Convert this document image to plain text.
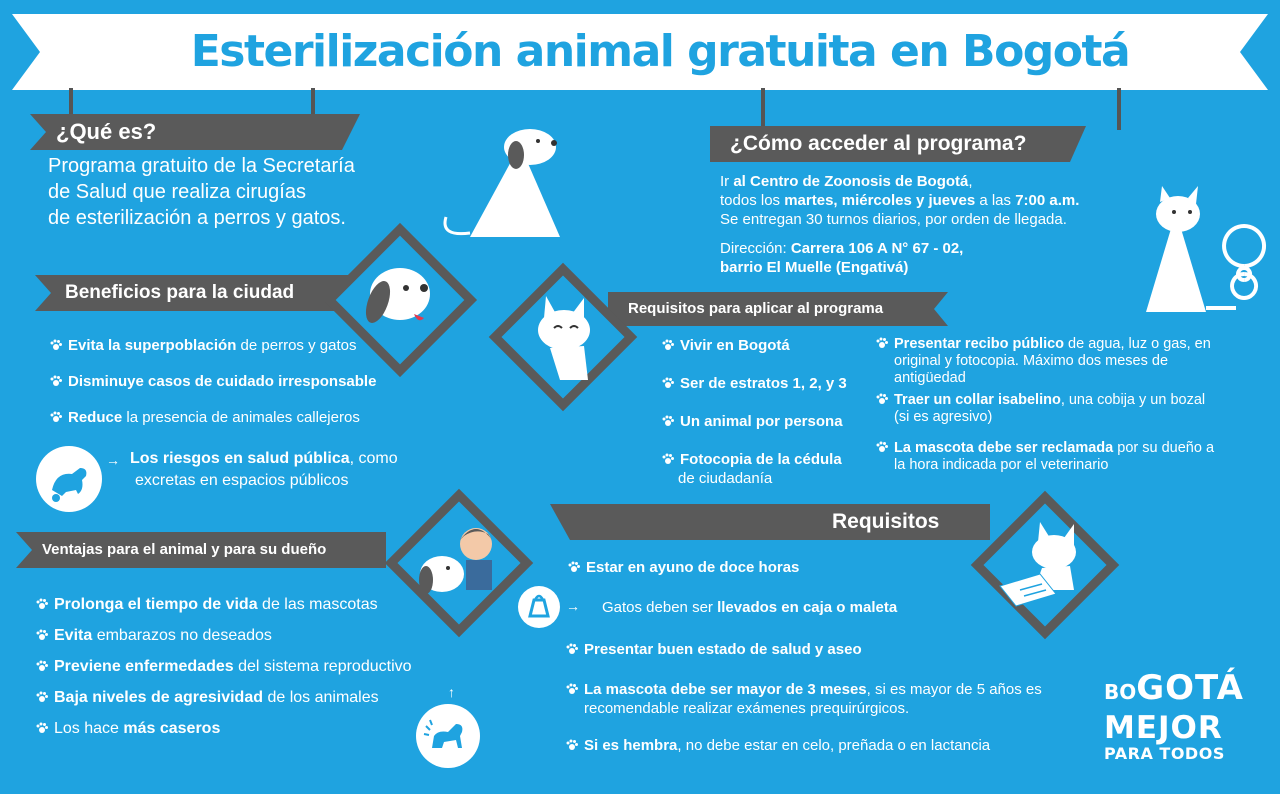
Esterilización animal gratuita en Bogotá
¿Qué es?
Programa gratuito de la Secretaría
de Salud que realiza cirugías
de esterilización a perros y gatos.
Beneficios para la ciudad
Evita la superpoblación de perros y gatos
Disminuye casos de cuidado irresponsable
Reduce la presencia de animales callejeros
→ Los riesgos en salud pública, como
excretas en espacios públicos
Ventajas para el animal y para su dueño
Prolonga el tiempo de vida de las mascotas
Evita embarazos no deseados
Previene enfermedades del sistema reproductivo
Baja niveles de agresividad de los animales
Los hace más caseros
↑
¿Cómo acceder al programa?
Ir al Centro de Zoonosis de Bogotá,
todos los martes, miércoles y jueves a las 7:00 a.m.
Se entregan 30 turnos diarios, por orden de llegada.
Dirección: Carrera 106 A N° 67 - 02,
barrio El Muelle (Engativá)
Requisitos para aplicar al programa
Vivir en Bogotá
Ser de estratos 1, 2, y 3
Un animal por persona
Fotocopia de la cédula
de ciudadanía
Presentar recibo público de agua, luz o gas, en
original y fotocopia. Máximo dos meses de
antigüedad
Traer un collar isabelino, una cobija y un bozal
(si es agresivo)
La mascota debe ser reclamada por su dueño a
la hora indicada por el veterinario
Requisitos
Estar en ayuno de doce horas
→ Gatos deben ser llevados en caja o maleta
Presentar buen estado de salud y aseo
La mascota debe ser mayor de 3 meses, si es mayor de 5 años es
recomendable realizar exámenes prequirúrgicos.
Si es hembra, no debe estar en celo, preñada o en lactancia
BOGOTÁ
MEJOR
PARA TODOS
